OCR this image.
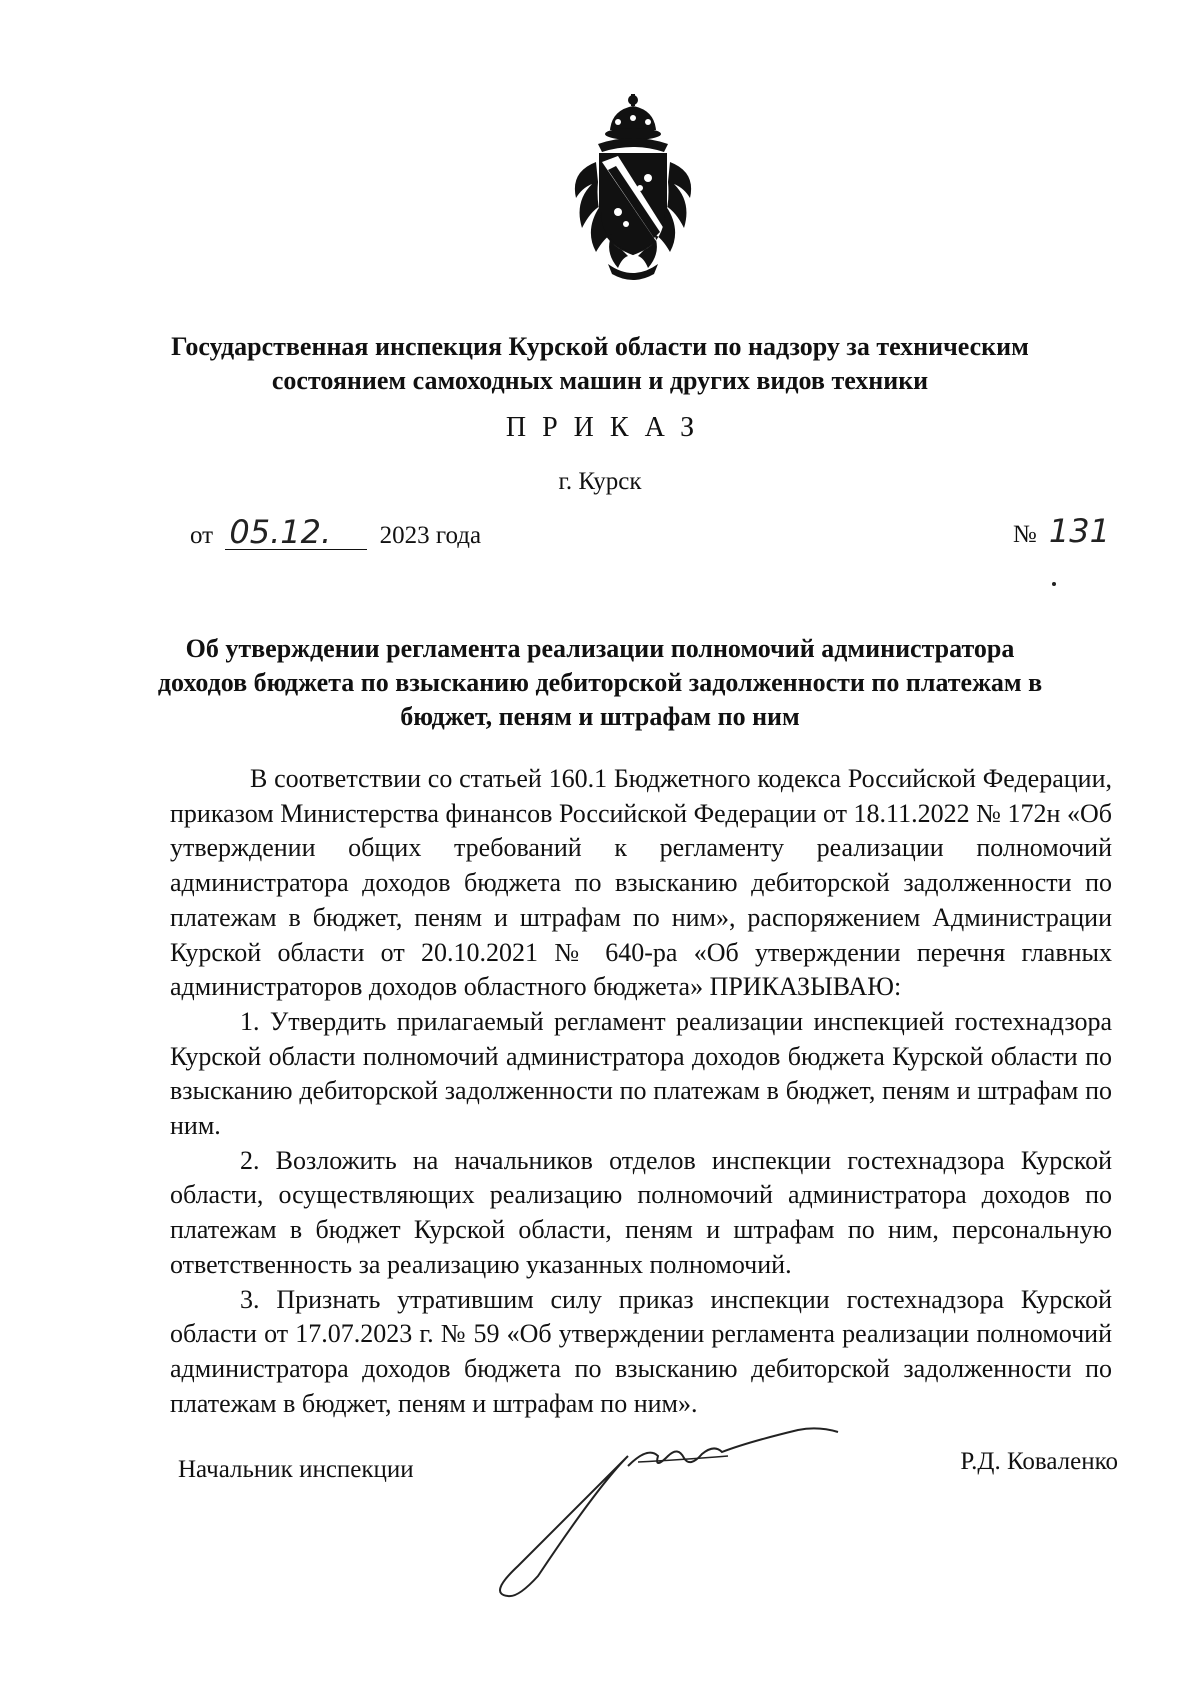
Государственная инспекция Курской области по надзору за техническим состоянием самоходных машин и других видов техники
ПРИКАЗ
г. Курск
от 05.12. 2023 года	№ 131
Об утверждении регламента реализации полномочий администратора доходов бюджета по взысканию дебиторской задолженности по платежам в бюджет, пеням и штрафам по ним

В соответствии со статьей 160.1 Бюджетного кодекса Российской Федерации, приказом Министерства финансов Российской Федерации от 18.11.2022 № 172н «Об утверждении общих требований к регламенту реализации полномочий администратора доходов бюджета по взысканию дебиторской задолженности по платежам в бюджет, пеням и штрафам по ним», распоряжением Администрации Курской области от 20.10.2021 № 640-ра «Об утверждении перечня главных администраторов доходов областного бюджета» ПРИКАЗЫВАЮ:

1. Утвердить прилагаемый регламент реализации инспекцией гостехнадзора Курской области полномочий администратора доходов бюджета Курской области по взысканию дебиторской задолженности по платежам в бюджет, пеням и штрафам по ним.

2. Возложить на начальников отделов инспекции гостехнадзора Курской области, осуществляющих реализацию полномочий администратора доходов по платежам в бюджет Курской области, пеням и штрафам по ним, персональную ответственность за реализацию указанных полномочий.

3. Признать утратившим силу приказ инспекции гостехнадзора Курской области от 17.07.2023 г. № 59 «Об утверждении регламента реализации полномочий администратора доходов бюджета по взысканию дебиторской задолженности по платежам в бюджет, пеням и штрафам по ним».

Начальник инспекции	Р.Д. Коваленко
